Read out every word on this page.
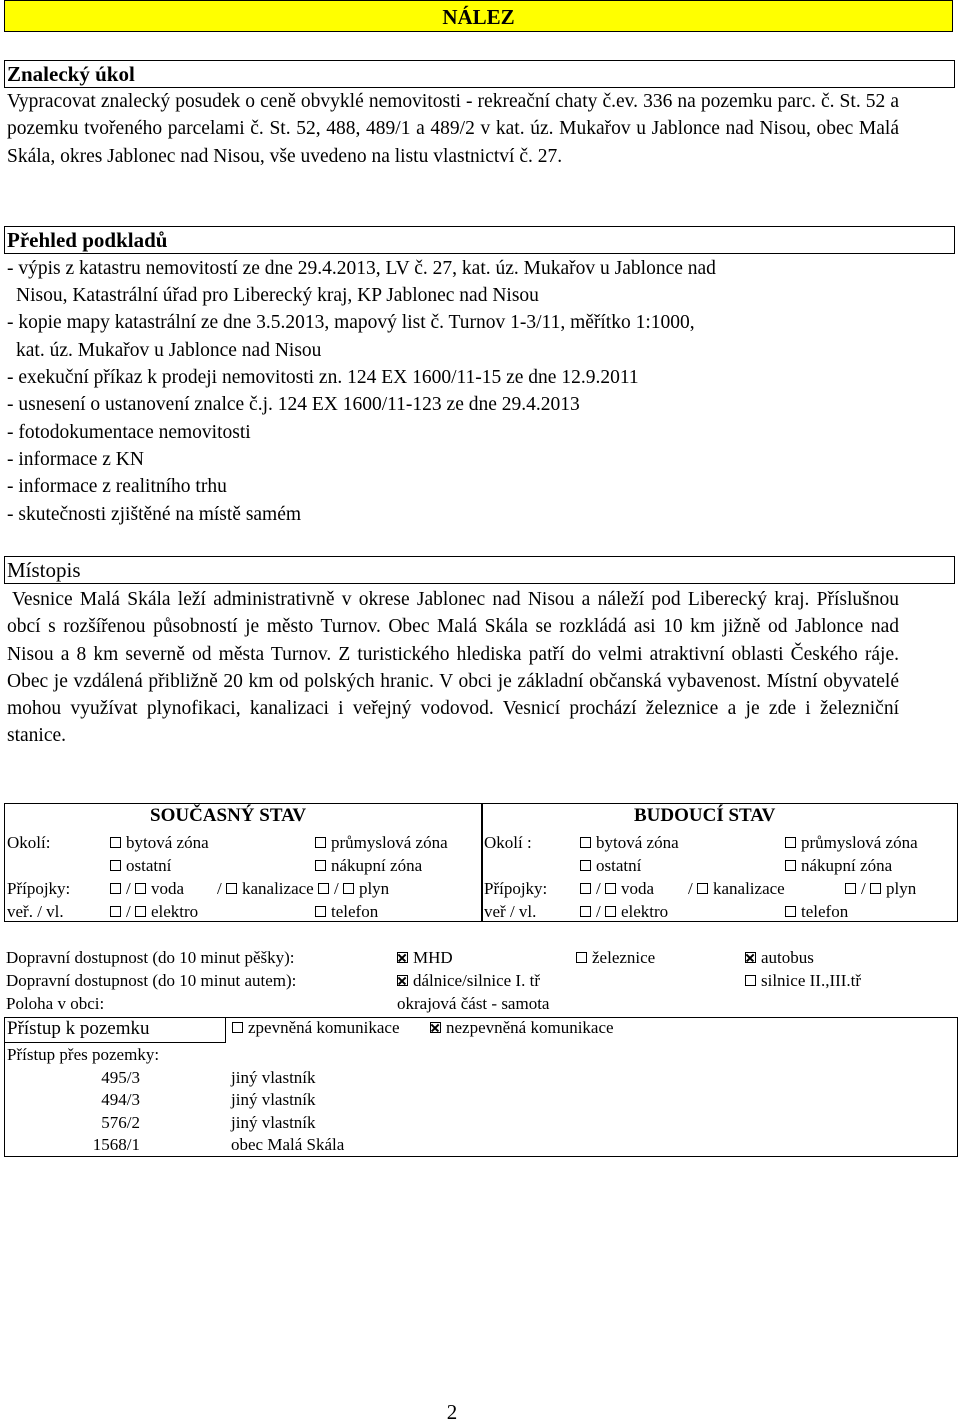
NÁLEZ
Znalecký úkol
Vypracovat znalecký posudek o ceně obvyklé nemovitosti - rekreační chaty č.ev. 336 na pozemku parc. č. St. 52 a pozemku tvořeného parcelami č. St. 52, 488, 489/1 a 489/2 v kat. úz. Mukařov u Jablonce nad Nisou, obec Malá Skála, okres Jablonec nad Nisou, vše uvedeno na listu vlastnictví č. 27.
Přehled podkladů
- výpis z katastru nemovitostí ze dne 29.4.2013, LV č. 27, kat. úz. Mukařov u Jablonce nad
Nisou, Katastrální úřad pro Liberecký kraj, KP Jablonec nad Nisou
- kopie mapy katastrální ze dne 3.5.2013, mapový list č. Turnov 1-3/11, měřítko 1:1000,
kat. úz. Mukařov u Jablonce nad Nisou
- exekuční příkaz k prodeji nemovitosti zn. 124 EX 1600/11-15 ze dne 12.9.2011
- usnesení o ustanovení znalce č.j. 124 EX 1600/11-123 ze dne 29.4.2013
- fotodokumentace nemovitosti
- informace z KN
- informace z realitního trhu
- skutečnosti zjištěné na místě samém
Místopis
Vesnice Malá Skála leží administrativně v okrese Jablonec nad Nisou a náleží pod Liberecký kraj. Příslušnou obcí s rozšířenou působností je město Turnov. Obec Malá Skála se rozkládá asi 10 km jižně od Jablonce nad Nisou a 8 km severně od města Turnov. Z turistického hlediska patří do velmi atraktivní oblasti Českého ráje. Obec je vzdálená přibližně 20 km od polských hranic. V obci je základní občanská vybavenost. Místní obyvatelé mohou využívat plynofikaci, kanalizaci i veřejný vodovod. Vesnicí prochází železnice a je zde i železniční stanice.
SOUČASNÝ STAV	BUDOUCÍ STAV
Okolí:	bytová zóna	průmyslová zóna
ostatní	nákupní zóna
Přípojky:	/ voda / kanalizace / plyn
veř. / vl.	/ elektro	telefon
Okolí :	bytová zóna	průmyslová zóna
ostatní	nákupní zóna
Přípojky:	/ voda / kanalizace	/ plyn
veř / vl.	/ elektro	telefon
Dopravní dostupnost (do 10 minut pěšky):	MHD	železnice	autobus
Dopravní dostupnost (do 10 minut autem):	dálnice/silnice I. tř	silnice II.,III.tř
Poloha v obci:	okrajová část - samota
Přístup k pozemku	zpevněná komunikace	nezpevněná komunikace
Přístup přes pozemky:
495/3	jiný vlastník
494/3	jiný vlastník
576/2	jiný vlastník
1568/1	obec Malá Skála
2
